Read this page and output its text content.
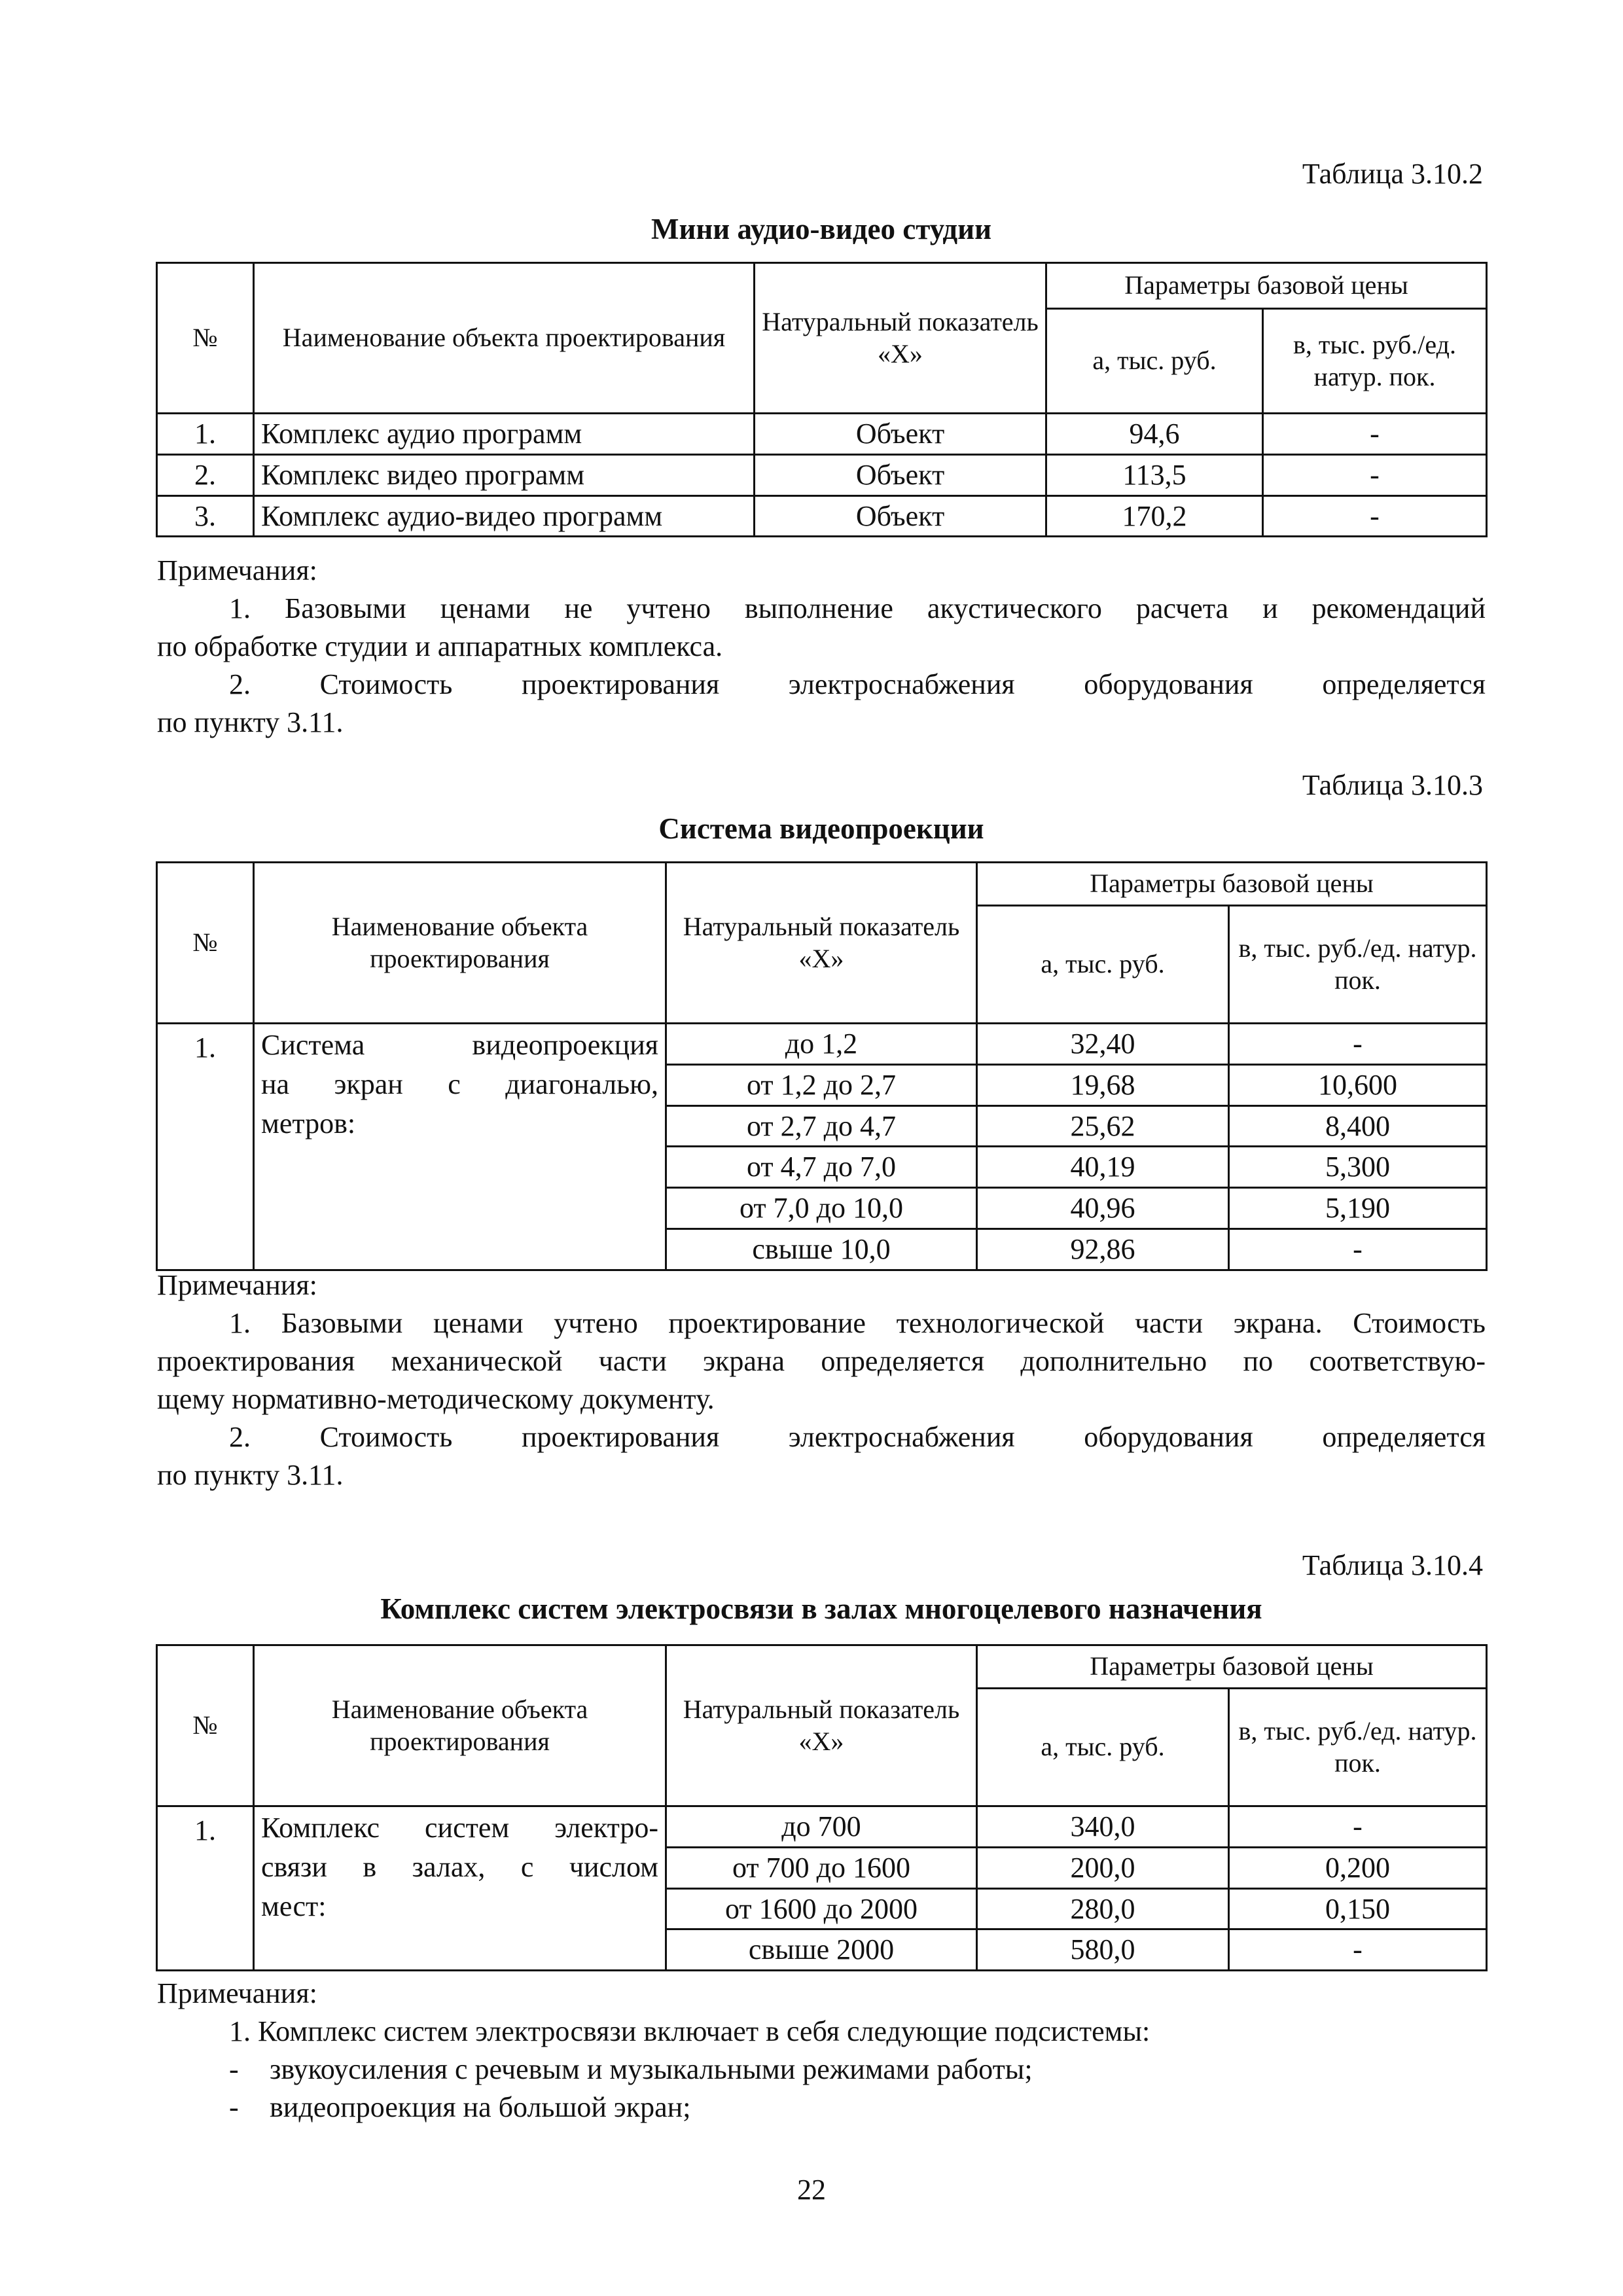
Таблица 3.10.2
Мини аудио-видео студии
№	Наименование объекта проектирования	Натуральный показатель «Х»	Параметры базовой цены	
			а, тыс. руб.	в, тыс. руб./ед. натур. пок.
1.	Комплекс аудио программ	Объект	94,6	-
2.	Комплекс видео программ	Объект	113,5	-
3.	Комплекс аудио-видео программ	Объект	170,2	-
Примечания:
1. Базовыми ценами не учтено выполнение акустического расчета и рекомендаций
по обработке студии и аппаратных комплекса.
2. Стоимость проектирования электроснабжения оборудования определяется
по пункту 3.11.
Таблица 3.10.3
Система видеопроекции
№	Наименование объекта проектирования	Натуральный показатель «Х»	Параметры базовой цены	
			а, тыс. руб.	в, тыс. руб./ед. натур. пок.
1.	Система видеопроекция
на экран с диагональю,
метров:	до 1,2	32,40	-
		от 1,2 до 2,7	19,68	10,600
		от 2,7 до 4,7	25,62	8,400
		от 4,7 до 7,0	40,19	5,300
		от 7,0 до 10,0	40,96	5,190
		свыше 10,0	92,86	-
Примечания:
1. Базовыми ценами учтено проектирование технологической части экрана. Стоимость
проектирования механической части экрана определяется дополнительно по соответствую-
щему нормативно-методическому документу.
2. Стоимость проектирования электроснабжения оборудования определяется
по пункту 3.11.
Таблица 3.10.4
Комплекс систем электросвязи в залах многоцелевого назначения
№	Наименование объекта проектирования	Натуральный показатель «Х»	Параметры базовой цены	
			а, тыс. руб.	в, тыс. руб./ед. натур. пок.
1.	Комплекс систем электро-
связи в залах, с числом
мест:	до 700	340,0	-
		от 700 до 1600	200,0	0,200
		от 1600 до 2000	280,0	0,150
		свыше 2000	580,0	-
Примечания:
1. Комплекс систем электросвязи включает в себя следующие подсистемы:
- звукоусиления с речевым и музыкальными режимами работы;
- видеопроекция на большой экран;
22
